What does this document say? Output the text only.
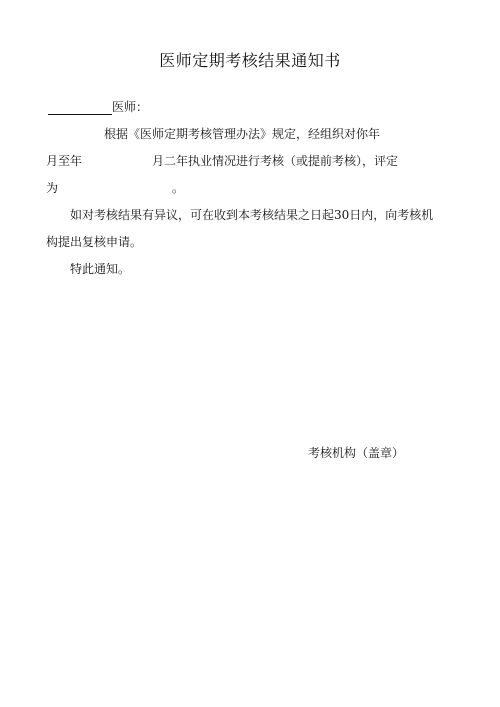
医师定期考核结果通知书
医师：
根据《医师定期考核管理办法》规定，经组织对你年
月至年	月二年执业情况进行考核（或提前考核），评定
为	。
如对考核结果有异议，可在收到本考核结果之日起30日内，向考核机
构提出复核申请。
特此通知。
考核机构（盖章）
